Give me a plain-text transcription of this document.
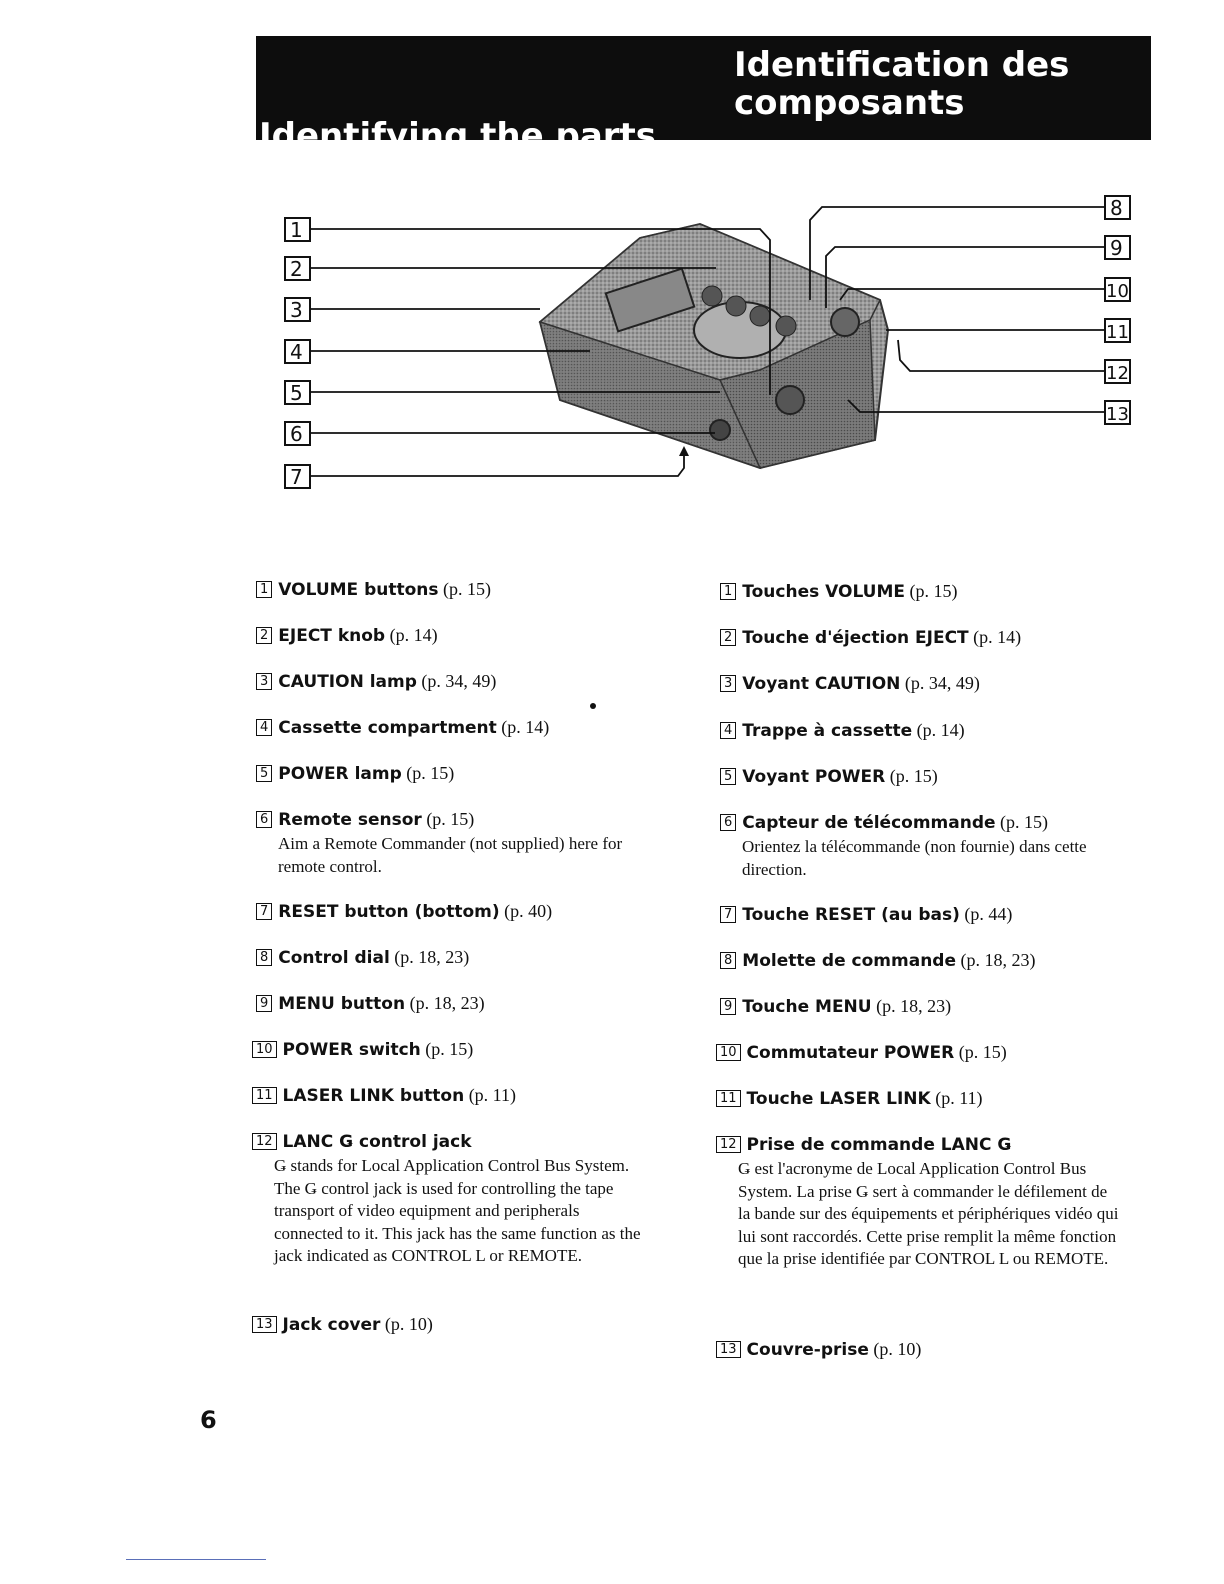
Identifying the parts
Identification des
composants
1
2
3
4
5
6
7
8
9
10
11
12
13
1 VOLUME buttons (p. 15)
2 EJECT knob (p. 14)
3 CAUTION lamp (p. 34, 49)
4 Cassette compartment (p. 14)
5 POWER lamp (p. 15)
6 Remote sensor (p. 15)
Aim a Remote Commander (not supplied) here for remote control.
7 RESET button (bottom) (p. 40)
8 Control dial (p. 18, 23)
9 MENU button (p. 18, 23)
10 POWER switch (p. 15)
11 LASER LINK button (p. 11)
12 LANC Ǥ control jack
Ǥ stands for Local Application Control Bus System. The Ǥ control jack is used for controlling the tape transport of video equipment and peripherals connected to it. This jack has the same function as the jack indicated as CONTROL L or REMOTE.
13 Jack cover (p. 10)
1 Touches VOLUME (p. 15)
2 Touche d'éjection EJECT (p. 14)
3 Voyant CAUTION (p. 34, 49)
4 Trappe à cassette (p. 14)
5 Voyant POWER (p. 15)
6 Capteur de télécommande (p. 15)
Orientez la télécommande (non fournie) dans cette direction.
7 Touche RESET (au bas) (p. 44)
8 Molette de commande (p. 18, 23)
9 Touche MENU (p. 18, 23)
10 Commutateur POWER (p. 15)
11 Touche LASER LINK (p. 11)
12 Prise de commande LANC Ǥ
Ǥ est l'acronyme de Local Application Control Bus System. La prise Ǥ sert à commander le défilement de la bande sur des équipements et périphériques vidéo qui lui sont raccordés. Cette prise remplit la même fonction que la prise identifiée par CONTROL L ou REMOTE.
13 Couvre-prise (p. 10)
6
